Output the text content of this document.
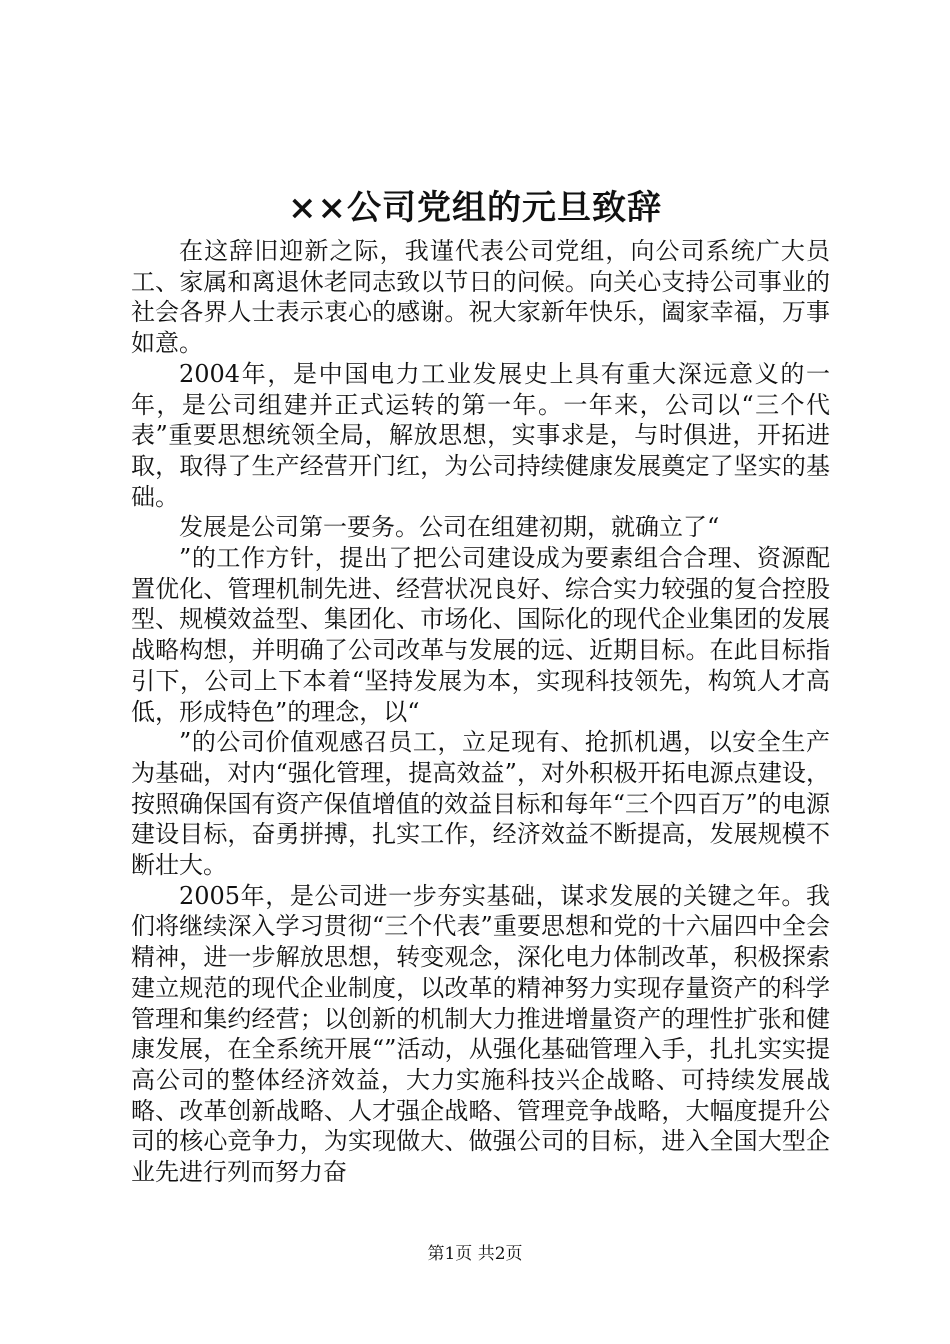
××公司党组的元旦致辞

在这辞旧迎新之际，我谨代表公司党组，向公司系统广大员工、家属和离退休老同志致以节日的问候。向关心支持公司事业的社会各界人士表示衷心的感谢。祝大家新年快乐，阖家幸福，万事如意。

2004年，是中国电力工业发展史上具有重大深远意义的一年，是公司组建并正式运转的第一年。一年来，公司以“三个代表”重要思想统领全局，解放思想，实事求是，与时俱进，开拓进取，取得了生产经营开门红，为公司持续健康发展奠定了坚实的基础。

发展是公司第一要务。公司在组建初期，就确立了“

”的工作方针，提出了把公司建设成为要素组合合理、资源配置优化、管理机制先进、经营状况良好、综合实力较强的复合控股型、规模效益型、集团化、市场化、国际化的现代企业集团的发展战略构想，并明确了公司改革与发展的远、近期目标。在此目标指引下，公司上下本着“坚持发展为本，实现科技领先，构筑人才高低，形成特色”的理念，以“

”的公司价值观感召员工，立足现有、抢抓机遇，以安全生产为基础，对内“强化管理，提高效益”，对外积极开拓电源点建设，按照确保国有资产保值增值的效益目标和每年“三个四百万”的电源建设目标，奋勇拼搏，扎实工作，经济效益不断提高，发展规模不断壮大。

2005年，是公司进一步夯实基础，谋求发展的关键之年。我们将继续深入学习贯彻“三个代表”重要思想和党的十六届四中全会精神，进一步解放思想，转变观念，深化电力体制改革，积极探索建立规范的现代企业制度，以改革的精神努力实现存量资产的科学管理和集约经营；以创新的机制大力推进增量资产的理性扩张和健康发展，在全系统开展“”活动，从强化基础管理入手，扎扎实实提高公司的整体经济效益，大力实施科技兴企战略、可持续发展战略、改革创新战略、人才强企战略、管理竞争战略，大幅度提升公司的核心竞争力，为实现做大、做强公司的目标，进入全国大型企业先进行列而努力奋

第1页 共2页
